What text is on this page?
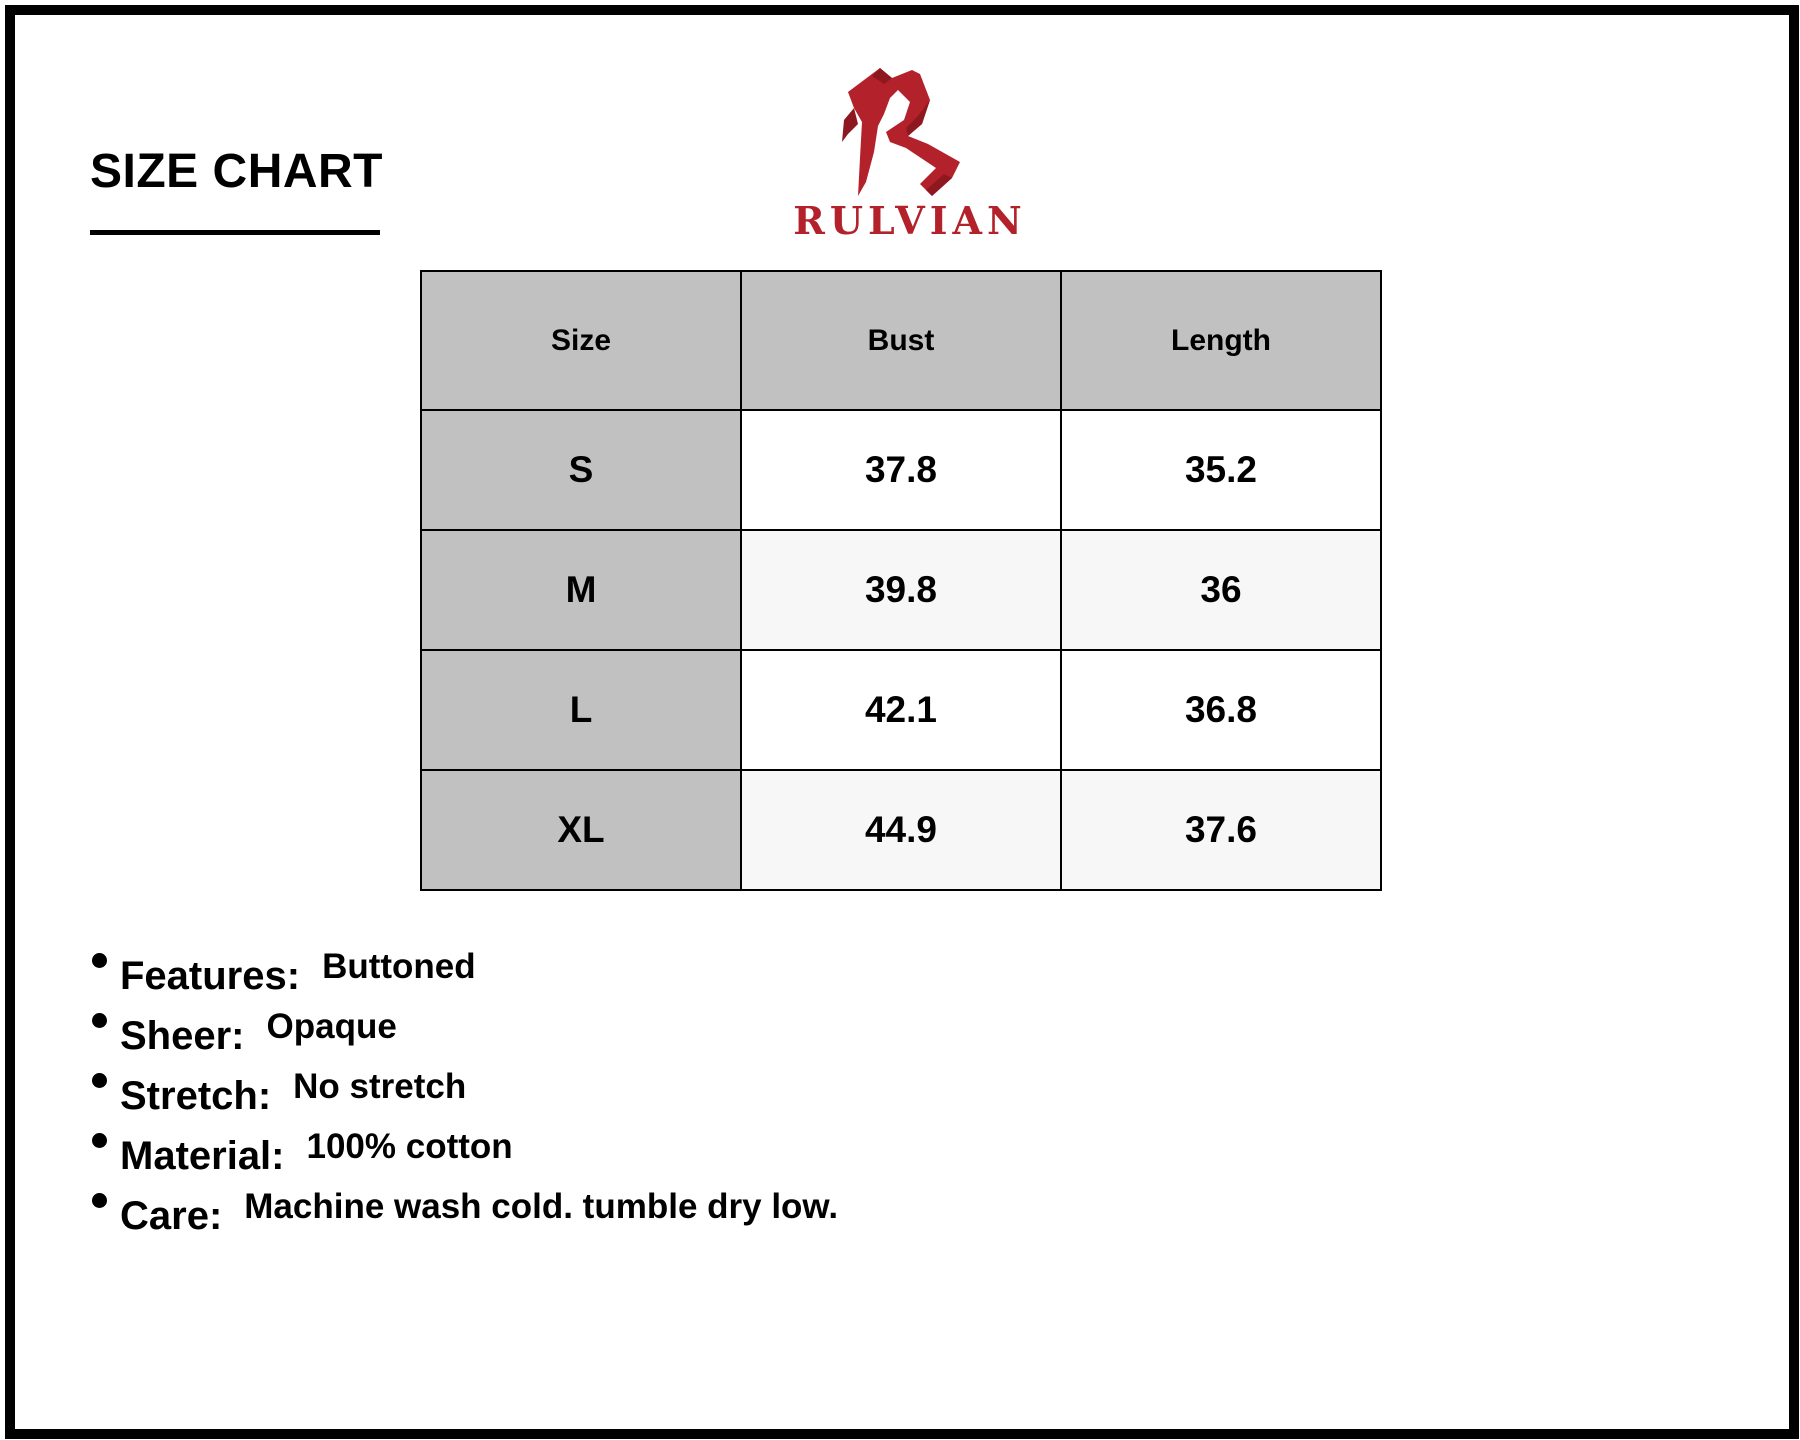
SIZE CHART
RULVIAN
Size	Bust	Length
S	37.8	35.2
M	39.8	36
L	42.1	36.8
XL	44.9	37.6
Features: Buttoned
Sheer: Opaque
Stretch: No stretch
Material: 100% cotton
Care: Machine wash cold. tumble dry low.
